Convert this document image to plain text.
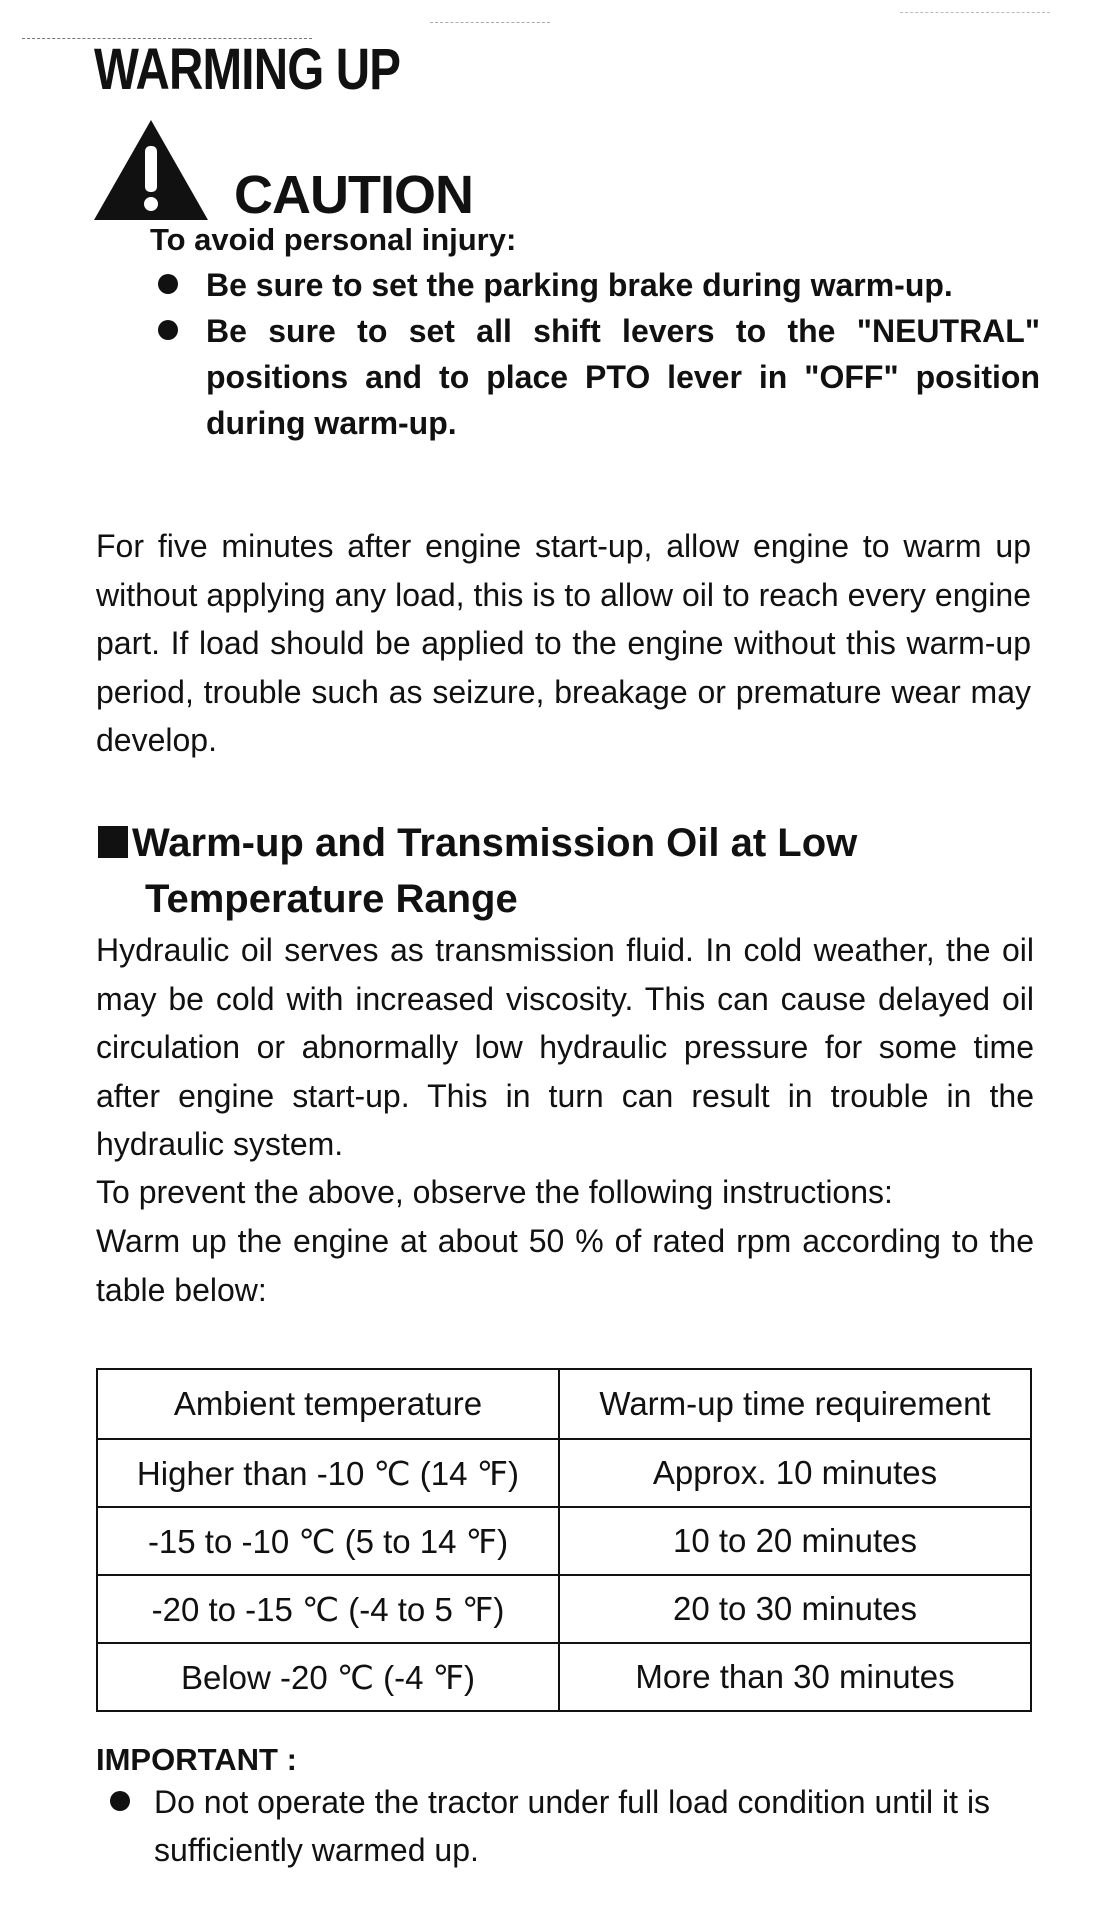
WARMING UP
CAUTION
To avoid personal injury:
Be sure to set the parking brake during warm-up.
Be sure to set all shift levers to the "NEUTRAL" positions and to place PTO lever in "OFF" position during warm-up.

For five minutes after engine start-up, allow engine to warm up without applying any load, this is to allow oil to reach every engine part. If load should be applied to the engine without this warm-up period, trouble such as seizure, breakage or premature wear may develop.

Warm-up and Transmission Oil at Low
Temperature Range

Hydraulic oil serves as transmission fluid. In cold weather, the oil may be cold with increased viscosity. This can cause delayed oil circulation or abnormally low hydraulic pressure for some time after engine start-up. This in turn can result in trouble in the hydraulic system.

To prevent the above, observe the following instructions:

Warm up the engine at about 50 % of rated rpm according to the table below:

Ambient temperature	Warm-up time requirement
Higher than -10 ℃ (14 ℉)	Approx. 10 minutes
-15 to -10 ℃ (5 to 14 ℉)	10 to 20 minutes
-20 to -15 ℃ (-4 to 5 ℉)	20 to 30 minutes
Below -20 ℃ (-4 ℉)	More than 30 minutes
IMPORTANT :
Do not operate the tractor under full load condition until it is sufficiently warmed up.
